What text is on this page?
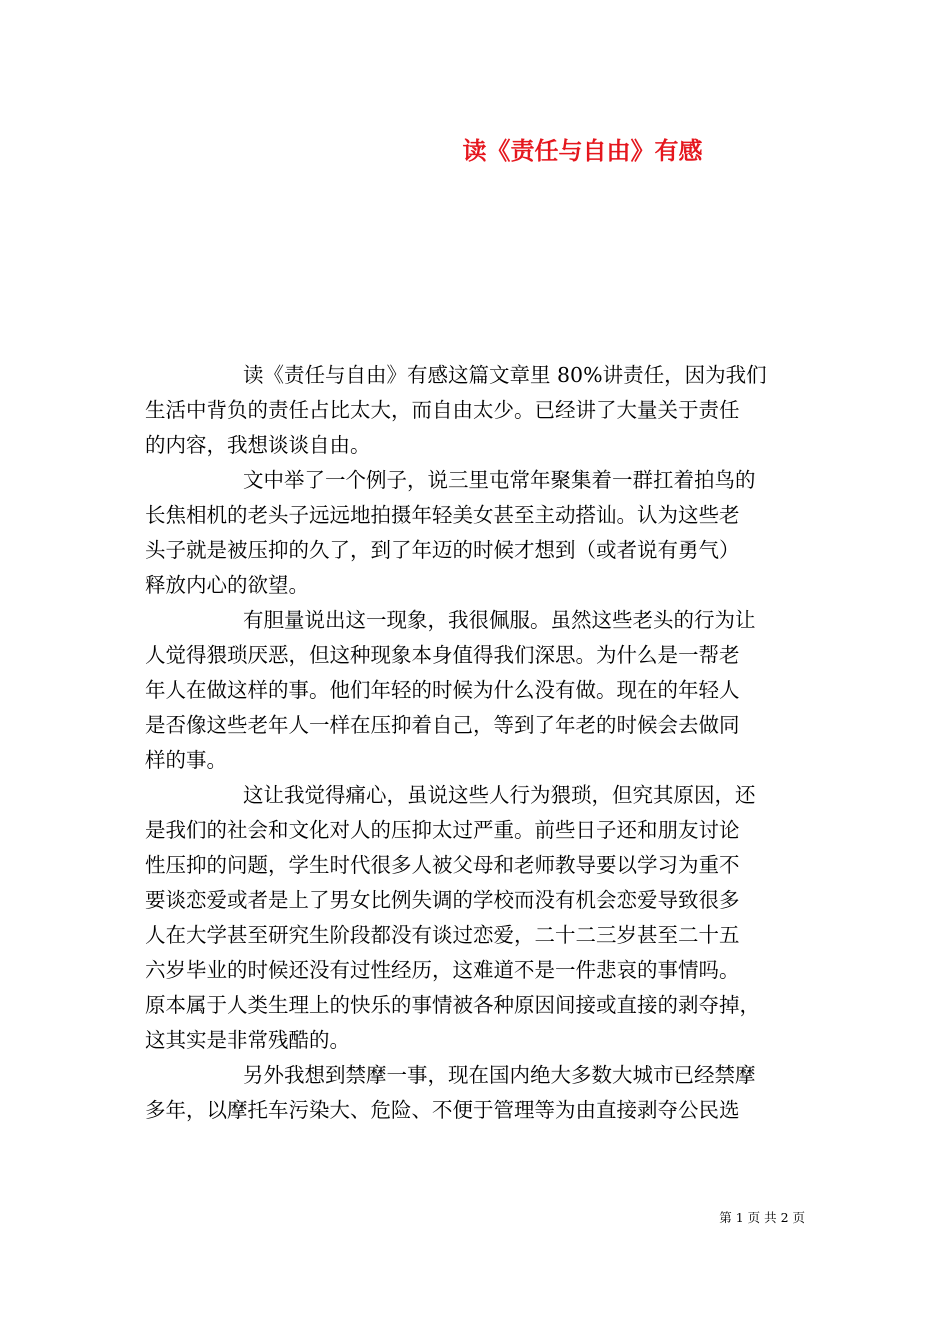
读《责任与自由》有感

读《责任与自由》有感这篇文章里 80%讲责任，因为我们
生活中背负的责任占比太大，而自由太少。已经讲了大量关于责任
的内容，我想谈谈自由。

文中举了一个例子，说三里屯常年聚集着一群扛着拍鸟的
长焦相机的老头子远远地拍摄年轻美女甚至主动搭讪。认为这些老
头子就是被压抑的久了，到了年迈的时候才想到（或者说有勇气）
释放内心的欲望。

有胆量说出这一现象，我很佩服。虽然这些老头的行为让
人觉得猥琐厌恶，但这种现象本身值得我们深思。为什么是一帮老
年人在做这样的事。他们年轻的时候为什么没有做。现在的年轻人
是否像这些老年人一样在压抑着自己，等到了年老的时候会去做同
样的事。

这让我觉得痛心，虽说这些人行为猥琐，但究其原因，还
是我们的社会和文化对人的压抑太过严重。前些日子还和朋友讨论
性压抑的问题，学生时代很多人被父母和老师教导要以学习为重不
要谈恋爱或者是上了男女比例失调的学校而没有机会恋爱导致很多
人在大学甚至研究生阶段都没有谈过恋爱，二十二三岁甚至二十五
六岁毕业的时候还没有过性经历，这难道不是一件悲哀的事情吗。
原本属于人类生理上的快乐的事情被各种原因间接或直接的剥夺掉，
这其实是非常残酷的。

另外我想到禁摩一事，现在国内绝大多数大城市已经禁摩
多年，以摩托车污染大、危险、不便于管理等为由直接剥夺公民选

第 1 页 共 2 页
